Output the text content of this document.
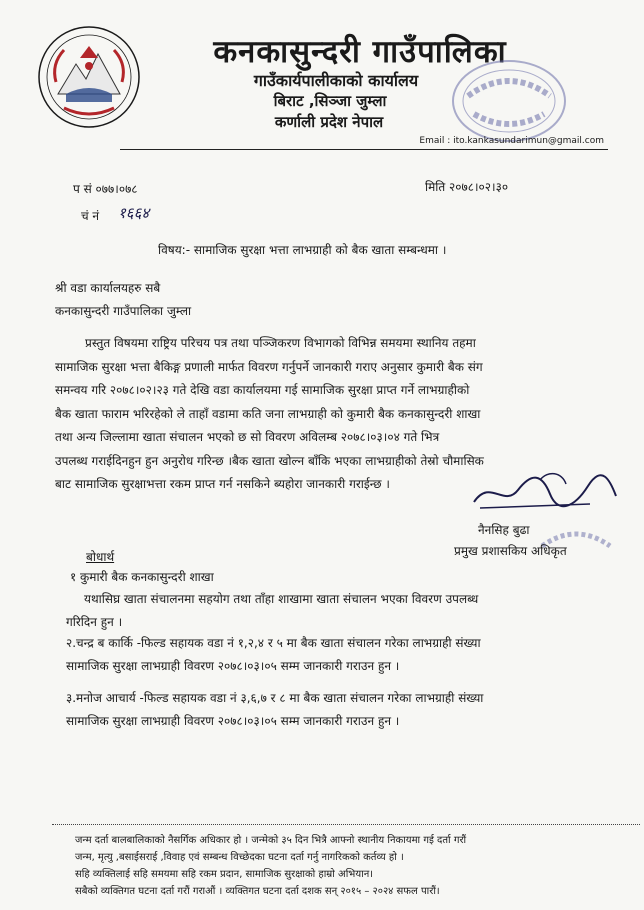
कनकासुन्दरी गाउँपालिका
गाउँकार्यपालीकाको कार्यालय
बिराट ,सिञ्जा जुम्ला
कर्णाली प्रदेश नेपाल
Email : ito.kankasundarimun@gmail.com
प सं ०७७।०७८
चं नं १६६४
मिति २०७८।०२।३०
विषय:- सामाजिक सुरक्षा भत्ता लाभग्राही को बैक खाता सम्बन्धमा ।
श्री वडा कार्यालयहरु सबै
कनकासुन्दरी गाउँपालिका जुम्ला

प्रस्तुत विषयमा राष्ट्रिय परिचय पत्र तथा पञ्जिकरण विभागको विभिन्न समयमा स्थानिय तहमा

सामाजिक सुरक्षा भत्ता बैकिङ्ग प्रणाली मार्फत विवरण गर्नुपर्ने जानकारी गराए अनुसार कुमारी बैक संग

समन्वय गरि २०७८।०२।२३ गते देखि वडा कार्यालयमा गई सामाजिक सुरक्षा प्राप्त गर्ने लाभग्राहीको

बैक खाता फाराम भरिरहेको ले ताहाँ वडामा कति जना लाभग्राही को कुमारी बैक कनकासुन्दरी शाखा

तथा अन्य जिल्लामा खाता संचालन भएको छ सो विवरण अविलम्ब २०७८।०३।०४ गते भित्र

उपलब्ध गराईदिनहुन हुन अनुरोध गरिन्छ ।बैक खाता खोल्न बाँकि भएका लाभग्राहीको तेस्रो चौमासिक

बाट सामाजिक सुरक्षाभत्ता रकम प्राप्त गर्न नसकिने ब्यहोरा जानकारी गराईन्छ ।

नैनसिह बुढा
प्रमुख प्रशासकिय अधिकृत
बोधार्थ
१ कुमारी बैक कनकासुन्दरी शाखा
यथासिघ्र खाता संचालनमा सहयोग तथा ताँहा शाखामा खाता संचालन भएका विवरण उपलब्ध
गरिदिन हुन ।
२.चन्द्र ब कार्कि -फिल्ड सहायक वडा नं १,२,४ र ५ मा बैक खाता संचालन गरेका लाभग्राही संख्या
सामाजिक सुरक्षा लाभग्राही विवरण २०७८।०३।०५ सम्म जानकारी गराउन हुन ।
३.मनोज आचार्य -फिल्ड सहायक वडा नं ३,६,७ र ८ मा बैक खाता संचालन गरेका लाभग्राही संख्या
सामाजिक सुरक्षा लाभग्राही विवरण २०७८।०३।०५ सम्म जानकारी गराउन हुन ।

जन्म दर्ता बालबालिकाको नैसर्गिक अधिकार हो । जन्मेको ३५ दिन भित्रै आफ्नो स्थानीय निकायमा गई दर्ता गरौं

जन्म, मृत्यु ,बसाईसराई ,विवाह एवं सम्बन्ध विच्छेदका घटना दर्ता गर्नु नागरिकको कर्तव्य हो ।

सहि व्यक्तिलाई सहि समयमा सहि रकम प्रदान, सामाजिक सुरक्षाको हाम्रो अभियान।

सबैको व्यक्तिगत घटना दर्ता गरौं गराऔं । व्यक्तिगत घटना दर्ता दशक सन् २०१५ – २०२४ सफल पारौं।
